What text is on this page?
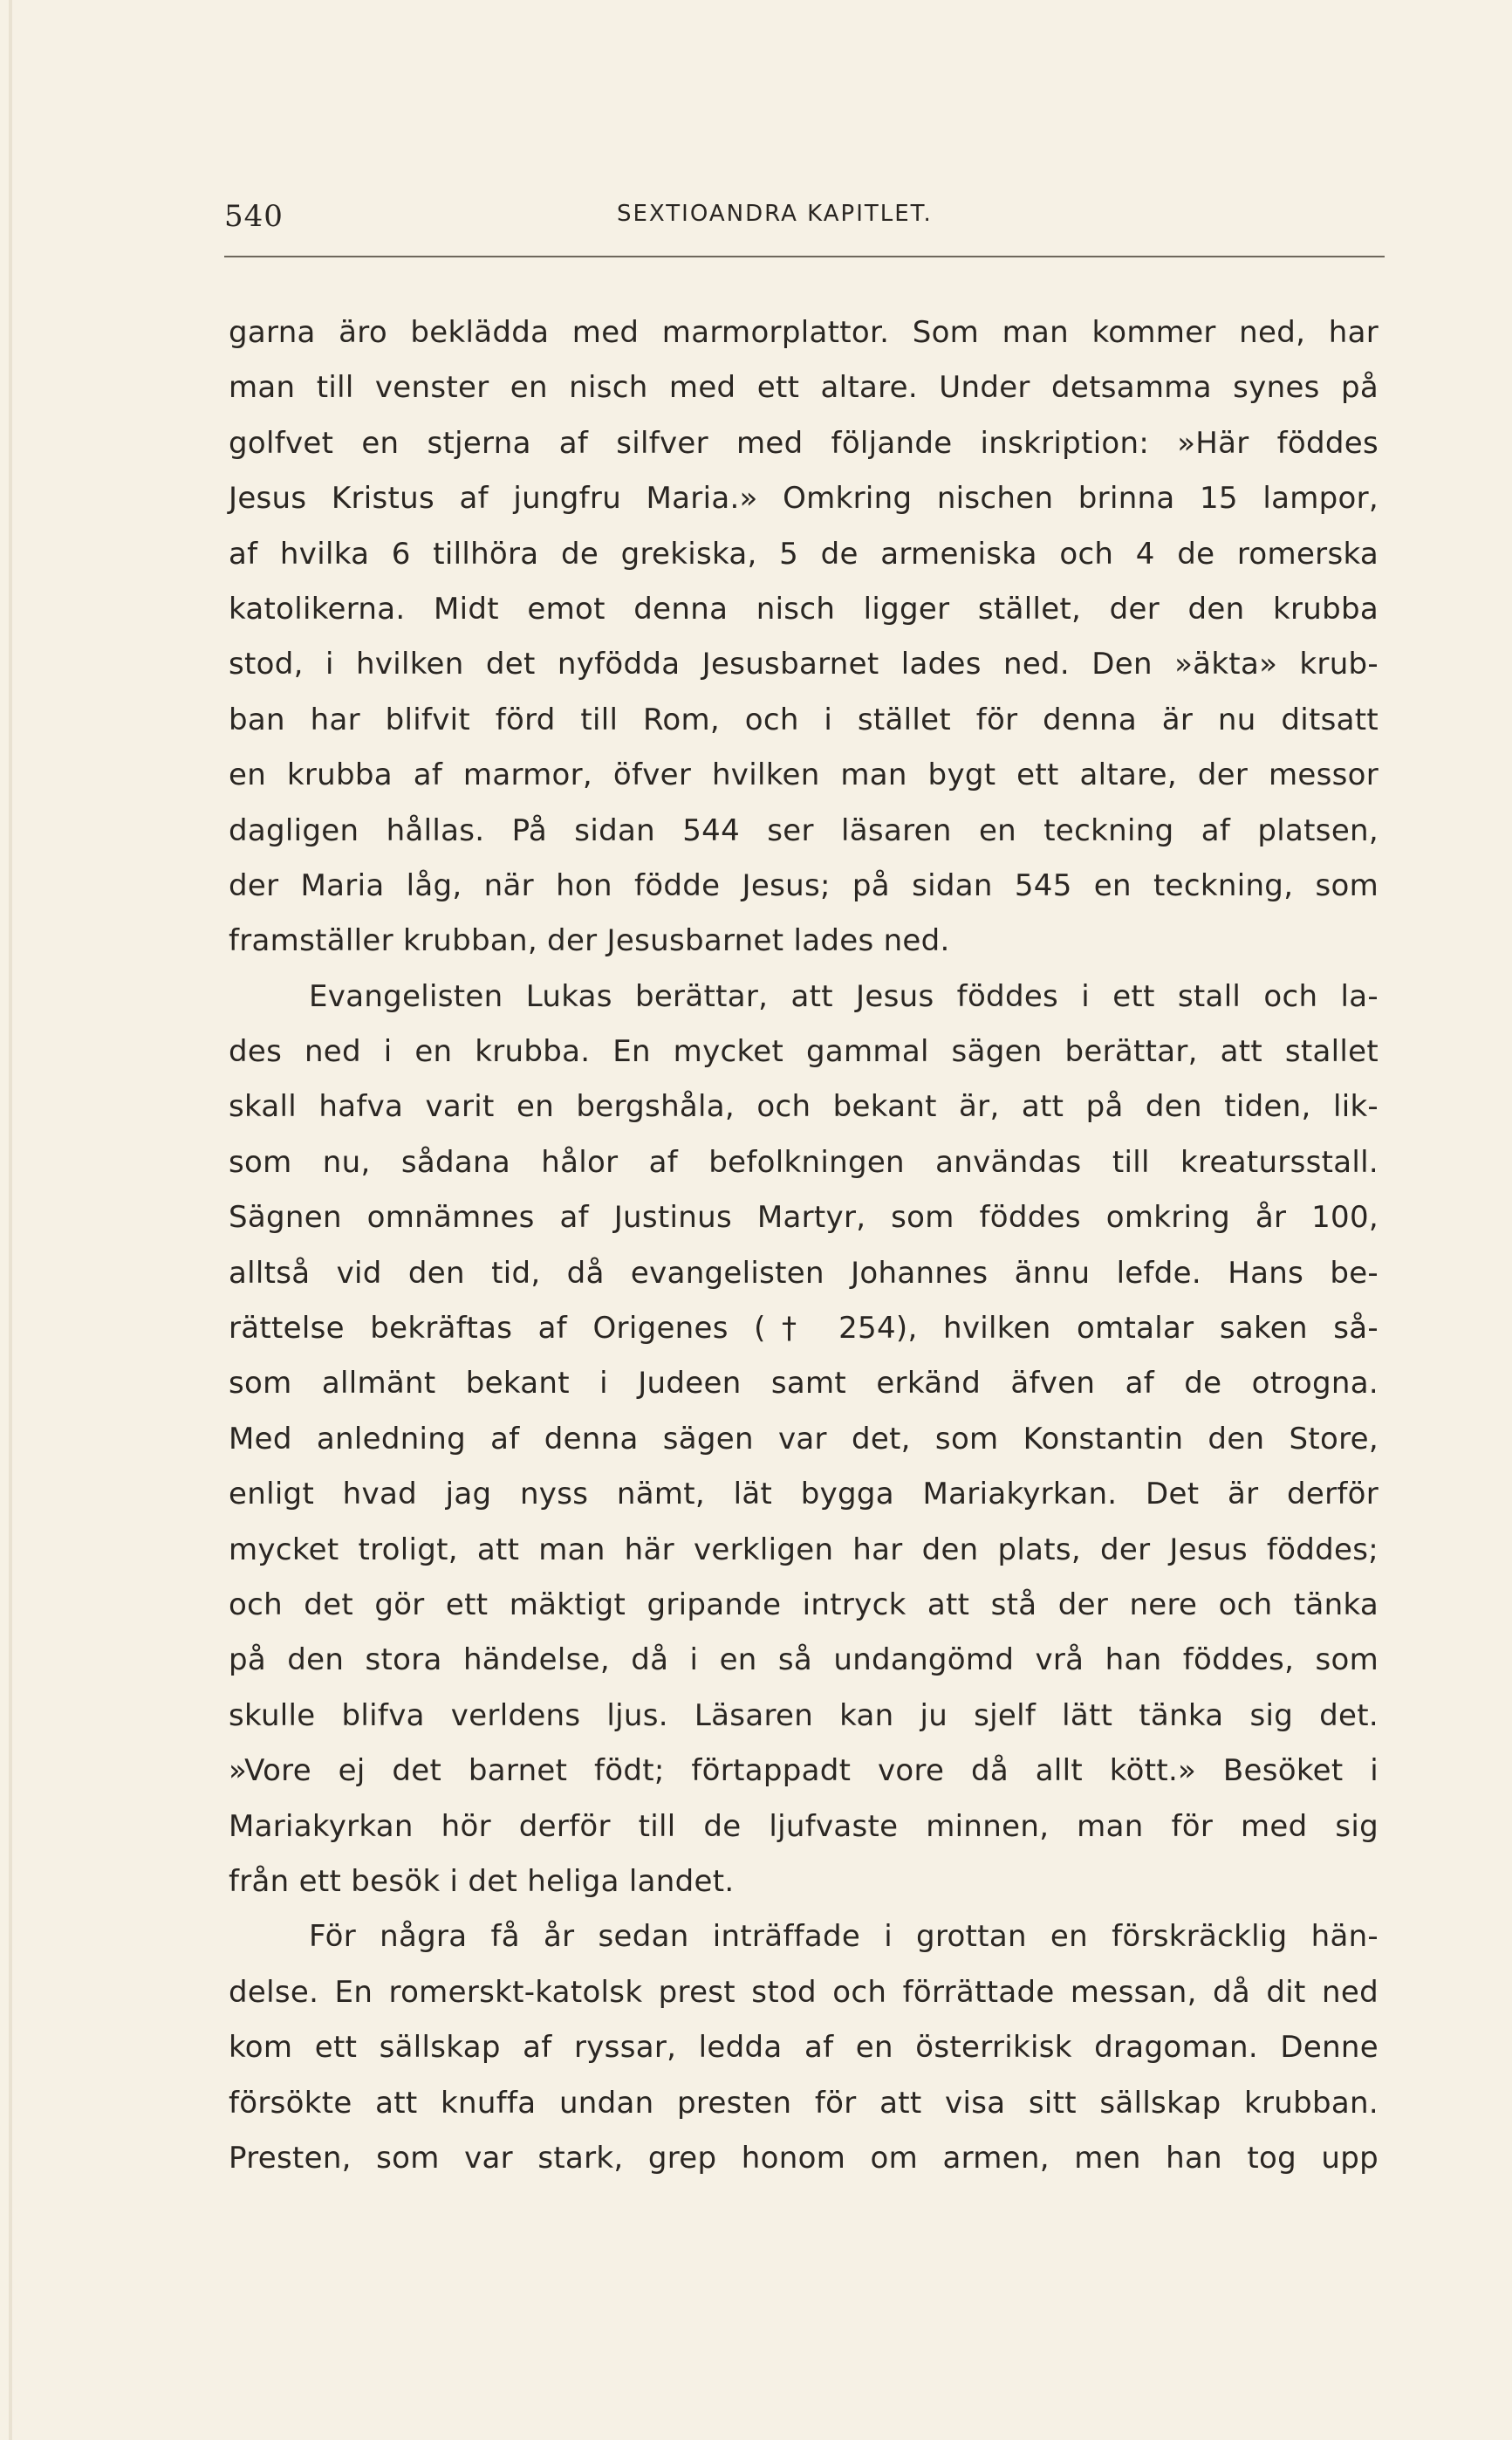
540	SEXTIOANDRA KAPITLET.
garna äro beklädda med marmorplattor. Som man kommer ned, har
man till venster en nisch med ett altare. Under detsamma synes på
golfvet en stjerna af silfver med följande inskription: »Här föddes
Jesus Kristus af jungfru Maria.» Omkring nischen brinna 15 lampor,
af hvilka 6 tillhöra de grekiska, 5 de armeniska och 4 de romerska
katolikerna. Midt emot denna nisch ligger stället, der den krubba
stod, i hvilken det nyfödda Jesusbarnet lades ned. Den »äkta» krub-
ban har blifvit förd till Rom, och i stället för denna är nu ditsatt
en krubba af marmor, öfver hvilken man bygt ett altare, der messor
dagligen hållas. På sidan 544 ser läsaren en teckning af platsen,
der Maria låg, när hon födde Jesus; på sidan 545 en teckning, som
framställer krubban, der Jesusbarnet lades ned.
Evangelisten Lukas berättar, att Jesus föddes i ett stall och la-
des ned i en krubba. En mycket gammal sägen berättar, att stallet
skall hafva varit en bergshåla, och bekant är, att på den tiden, lik-
som nu, sådana hålor af befolkningen användas till kreatursstall.
Sägnen omnämnes af Justinus Martyr, som föddes omkring år 100,
alltså vid den tid, då evangelisten Johannes ännu lefde. Hans be-
rättelse bekräftas af Origenes († 254), hvilken omtalar saken så-
som allmänt bekant i Judeen samt erkänd äfven af de otrogna.
Med anledning af denna sägen var det, som Konstantin den Store,
enligt hvad jag nyss nämt, lät bygga Mariakyrkan. Det är derför
mycket troligt, att man här verkligen har den plats, der Jesus föddes;
och det gör ett mäktigt gripande intryck att stå der nere och tänka
på den stora händelse, då i en så undangömd vrå han föddes, som
skulle blifva verldens ljus. Läsaren kan ju sjelf lätt tänka sig det.
»Vore ej det barnet födt; förtappadt vore då allt kött.» Besöket i
Mariakyrkan hör derför till de ljufvaste minnen, man för med sig
från ett besök i det heliga landet.
För några få år sedan inträffade i grottan en förskräcklig hän-
delse. En romerskt-katolsk prest stod och förrättade messan, då dit ned
kom ett sällskap af ryssar, ledda af en österrikisk dragoman. Denne
försökte att knuffa undan presten för att visa sitt sällskap krubban.
Presten, som var stark, grep honom om armen, men han tog upp
